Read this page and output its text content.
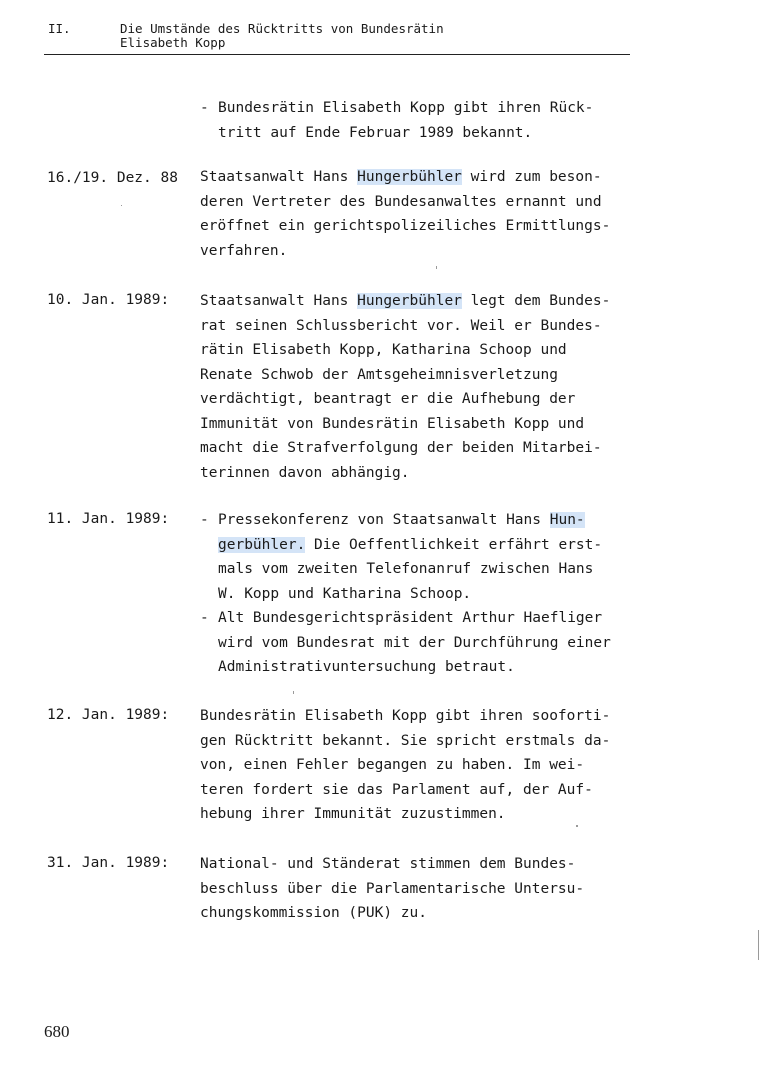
II.	Die Umstände des Rücktritts von Bundesrätin
Elisabeth Kopp
- Bundesrätin Elisabeth Kopp gibt ihren Rück-
tritt auf Ende Februar 1989 bekannt.
16./19. Dez. 88 Staatsanwalt Hans Hungerbühler wird zum beson-
deren Vertreter des Bundesanwaltes ernannt und
eröffnet ein gerichtspolizeiliches Ermittlungs-
verfahren.
10. Jan. 1989: Staatsanwalt Hans Hungerbühler legt dem Bundes-
rat seinen Schlussbericht vor. Weil er Bundes-
rätin Elisabeth Kopp, Katharina Schoop und
Renate Schwob der Amtsgeheimnisverletzung
verdächtigt, beantragt er die Aufhebung der
Immunität von Bundesrätin Elisabeth Kopp und
macht die Strafverfolgung der beiden Mitarbei-
terinnen davon abhängig.
11. Jan. 1989: - Pressekonferenz von Staatsanwalt Hans Hun-
gerbühler. Die Oeffentlichkeit erfährt erst-
mals vom zweiten Telefonanruf zwischen Hans
W. Kopp und Katharina Schoop.
- Alt Bundesgerichtspräsident Arthur Haefliger
wird vom Bundesrat mit der Durchführung einer
Administrativuntersuchung betraut.
12. Jan. 1989: Bundesrätin Elisabeth Kopp gibt ihren sooforti-
gen Rücktritt bekannt. Sie spricht erstmals da-
von, einen Fehler begangen zu haben. Im wei-
teren fordert sie das Parlament auf, der Auf-
hebung ihrer Immunität zuzustimmen.
31. Jan. 1989: National- und Ständerat stimmen dem Bundes-
beschluss über die Parlamentarische Untersu-
chungskommission (PUK) zu.
680
